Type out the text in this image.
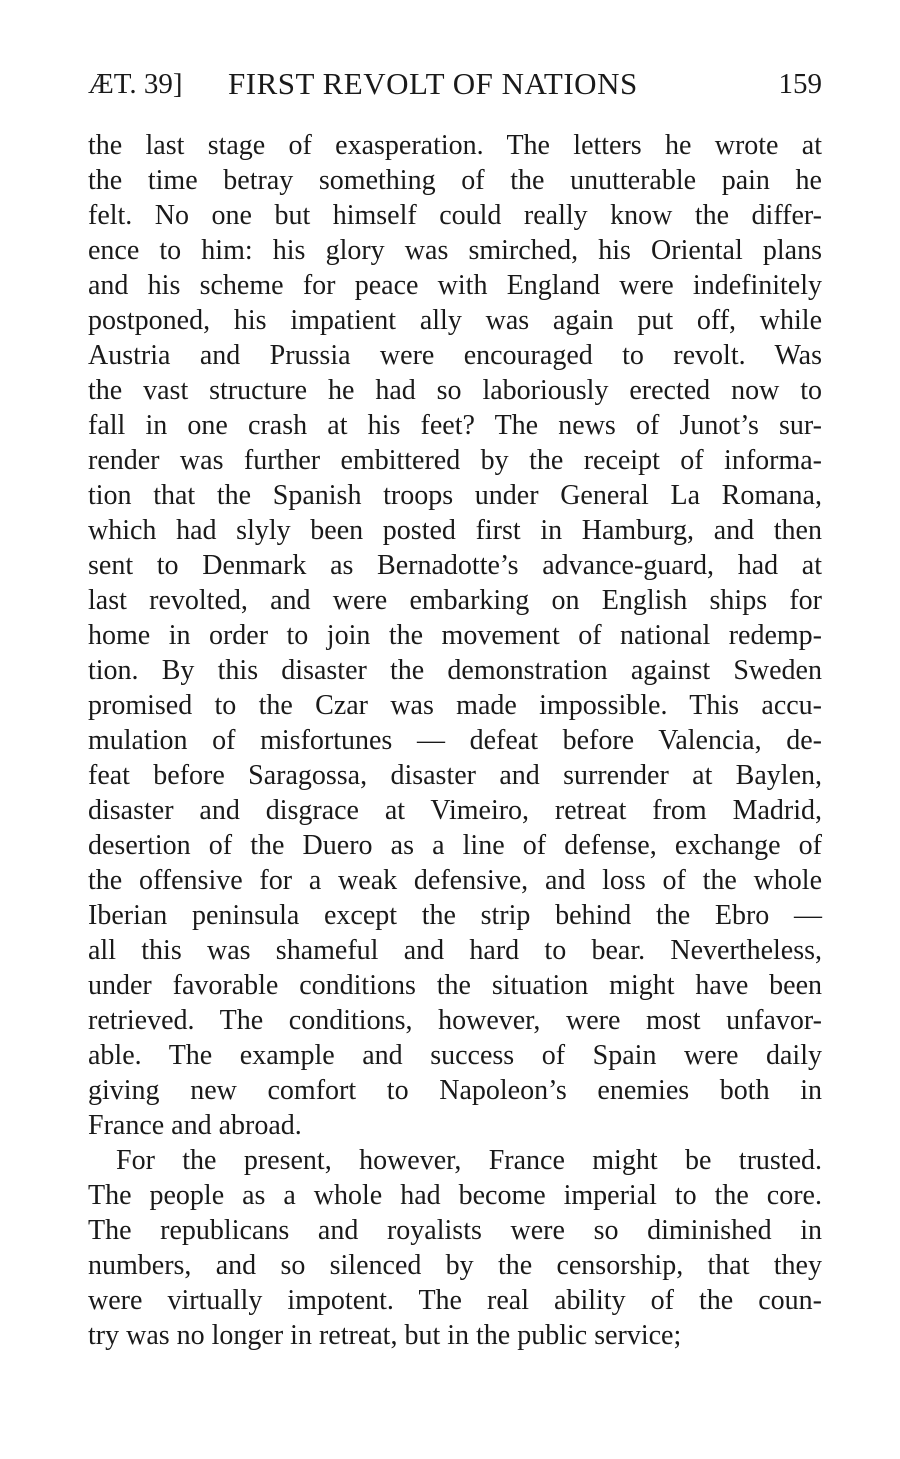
ÆT. 39] FIRST REVOLT OF NATIONS	159
the last stage of exasperation. The letters he wrote at
the time betray something of the unutterable pain he
felt. No one but himself could really know the differ-
ence to him: his glory was smirched, his Oriental plans
and his scheme for peace with England were indefinitely
postponed, his impatient ally was again put off, while
Austria and Prussia were encouraged to revolt. Was
the vast structure he had so laboriously erected now to
fall in one crash at his feet? The news of Junot’s sur-
render was further embittered by the receipt of informa-
tion that the Spanish troops under General La Romana,
which had slyly been posted first in Hamburg, and then
sent to Denmark as Bernadotte’s advance-guard, had at
last revolted, and were embarking on English ships for
home in order to join the movement of national redemp-
tion. By this disaster the demonstration against Sweden
promised to the Czar was made impossible. This accu-
mulation of misfortunes — defeat before Valencia, de-
feat before Saragossa, disaster and surrender at Baylen,
disaster and disgrace at Vimeiro, retreat from Madrid,
desertion of the Duero as a line of defense, exchange of
the offensive for a weak defensive, and loss of the whole
Iberian peninsula except the strip behind the Ebro —
all this was shameful and hard to bear. Nevertheless,
under favorable conditions the situation might have been
retrieved. The conditions, however, were most unfavor-
able. The example and success of Spain were daily
giving new comfort to Napoleon’s enemies both in
France and abroad.
For the present, however, France might be trusted.
The people as a whole had become imperial to the core.
The republicans and royalists were so diminished in
numbers, and so silenced by the censorship, that they
were virtually impotent. The real ability of the coun-
try was no longer in retreat, but in the public service;
